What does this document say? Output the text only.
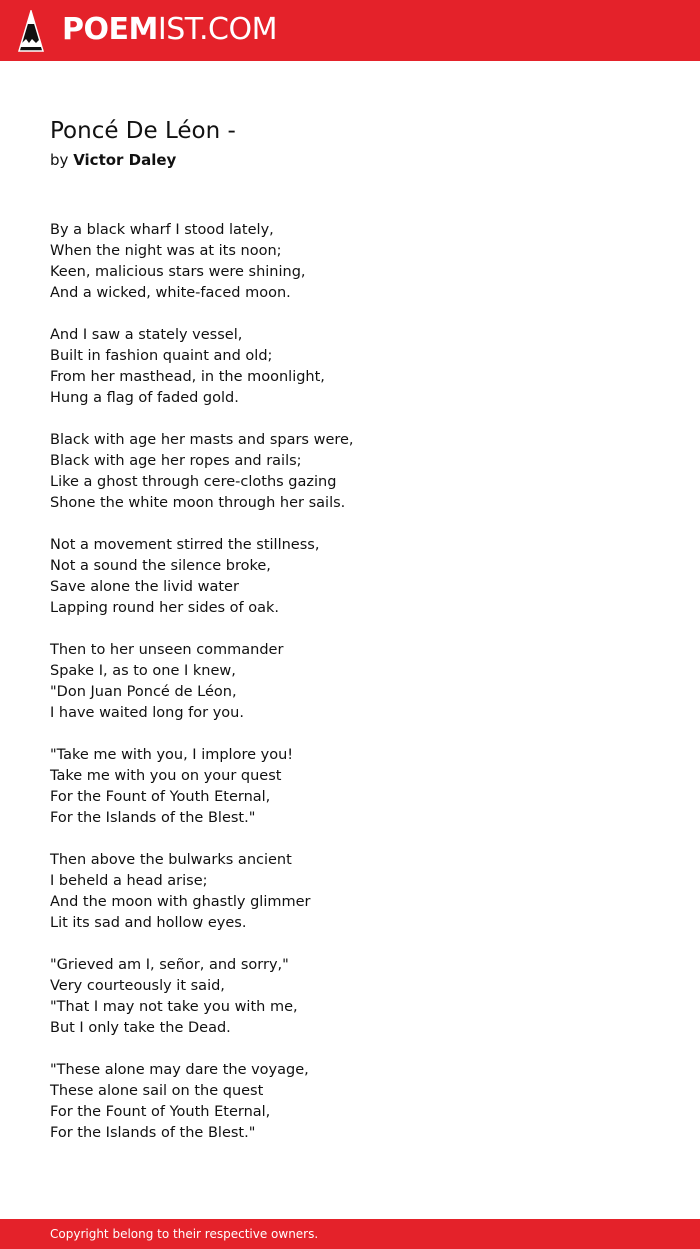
POEMIST.COM
Poncé De Léon -
by Victor Daley
By a black wharf I stood lately,
When the night was at its noon;
Keen, malicious stars were shining,
And a wicked, white-faced moon.
And I saw a stately vessel,
Built in fashion quaint and old;
From her masthead, in the moonlight,
Hung a flag of faded gold.
Black with age her masts and spars were,
Black with age her ropes and rails;
Like a ghost through cere-cloths gazing
Shone the white moon through her sails.
Not a movement stirred the stillness,
Not a sound the silence broke,
Save alone the livid water
Lapping round her sides of oak.
Then to her unseen commander
Spake I, as to one I knew,
"Don Juan Poncé de Léon,
I have waited long for you.
"Take me with you, I implore you!
Take me with you on your quest
For the Fount of Youth Eternal,
For the Islands of the Blest."
Then above the bulwarks ancient
I beheld a head arise;
And the moon with ghastly glimmer
Lit its sad and hollow eyes.
"Grieved am I, señor, and sorry,"
Very courteously it said,
"That I may not take you with me,
But I only take the Dead.
"These alone may dare the voyage,
These alone sail on the quest
For the Fount of Youth Eternal,
For the Islands of the Blest."
Copyright belong to their respective owners.
